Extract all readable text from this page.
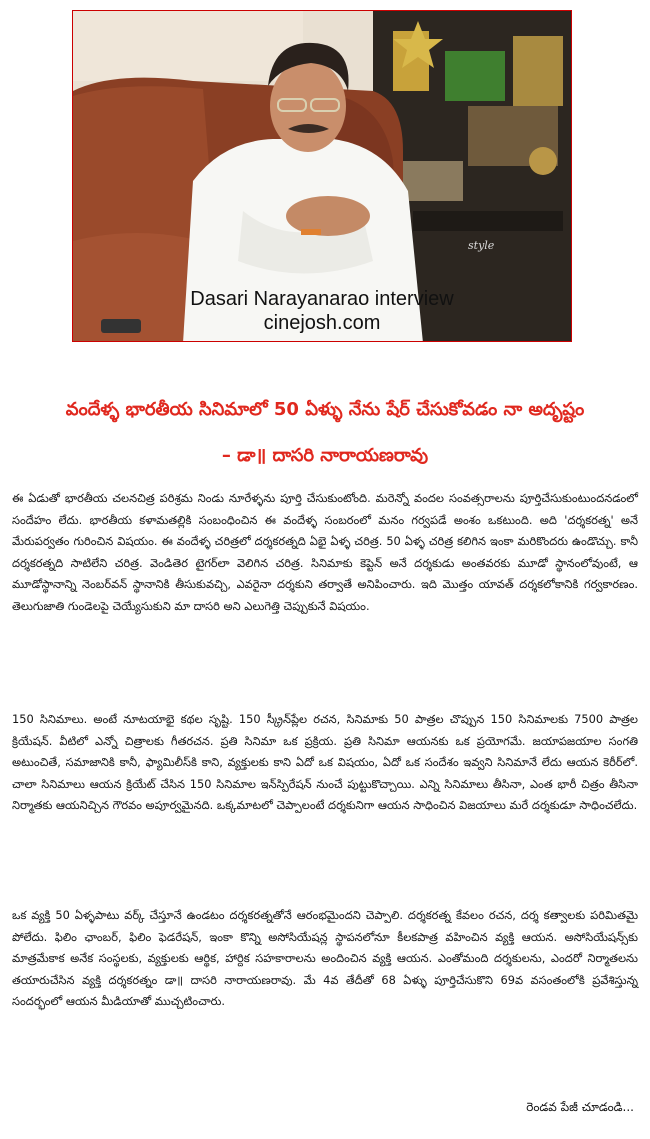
style
Dasari Narayanarao interview
cinejosh.com
వందేళ్ళ భారతీయ సినిమాలో 50 ఏళ్ళు నేను షేర్ చేసుకోవడం నా అదృష్టం
– డా॥ దాసరి నారాయణరావు

ఈ ఏడుతో భారతీయ చలనచిత్ర పరిశ్రమ నిండు నూరేళ్ళను పూర్తి చేసుకుంటోంది. మరెన్నో వందల సంవత్సరాలను పూర్తిచేసుకుంటుందనడంలో సందేహం లేదు. భారతీయ కళామతల్లికి సంబంధించిన ఈ వందేళ్ళ సంబరంలో మనం గర్వపడే అంశం ఒకటుంది. అది 'దర్శకరత్న' అనే మేరుపర్వతం గురించిన విషయం. ఈ వందేళ్ళ చరిత్రలో దర్శకరత్నది ఏభై ఏళ్ళ చరిత్ర. 50 ఏళ్ళ చరిత్ర కలిగిన ఇంకా మరికొందరు ఉండొచ్చు. కానీ దర్శకరత్నది సాటిలేని చరిత్ర. వెండితెర టైగర్‌లా వెలిగిన చరిత్ర. సినిమాకు కెప్టెన్ అనే దర్శకుడు అంతవరకు మూడో స్థానంలోవుంటే, ఆ మూడోస్థానాన్ని నెంబర్‌వన్ స్థానానికి తీసుకువచ్చి, ఎవరైనా దర్శకుని తర్వాతే అనిపించారు. ఇది మొత్తం యావత్ దర్శకలోకానికి గర్వకారణం. తెలుగుజాతి గుండెలపై చెయ్యేసుకుని మా దాసరి అని ఎలుగెత్తి చెప్పుకునే విషయం.

150 సినిమాలు. అంటే నూటయాభై కథల సృష్టి. 150 స్క్రీన్‌ప్లేల రచన, సినిమాకు 50 పాత్రల చొప్పున 150 సినిమాలకు 7500 పాత్రల క్రియేషన్. వీటిలో ఎన్నో చిత్రాలకు గీతరచన. ప్రతి సినిమా ఒక ప్రక్రియ. ప్రతి సినిమా ఆయనకు ఒక ప్రయోగమే. జయాపజయాల సంగతి అటుంచితే, సమాజానికి కానీ, ఫ్యామిలీస్‌కి కాని, వ్యక్తులకు కాని ఏదో ఒక విషయం, ఏదో ఒక సందేశం ఇవ్వని సినిమానే లేదు ఆయన కెరీర్‌లో. చాలా సినిమాలు ఆయన క్రియేట్ చేసిన 150 సినిమాల ఇన్‌స్పిరేషన్ నుంచే పుట్టుకొచ్చాయి. ఎన్ని సినిమాలు తీసినా, ఎంత భారీ చిత్రం తీసినా నిర్మాతకు ఆయనిచ్చిన గౌరవం అపూర్వమైనది. ఒక్కమాటలో చెప్పాలంటే దర్శకునిగా ఆయన సాధించిన విజయాలు మరే దర్శకుడూ సాధించలేదు.

ఒక వ్యక్తి 50 ఏళ్ళపాటు వర్క్ చేస్తూనే ఉండటం దర్శకరత్నతోనే ఆరంభమైందని చెప్పాలి. దర్శకరత్న కేవలం రచన, దర్శ కత్వాలకు పరిమితమై పోలేదు. ఫిలిం ఛాంబర్, ఫిలిం ఫెడరేషన్, ఇంకా కొన్ని అసోసియేషన్ల స్థాపనలోనూ కీలకపాత్ర వహించిన వ్యక్తి ఆయన. అసోసియేషన్స్‌కు మాత్రమేకాక అనేక సంస్థలకు, వ్యక్తులకు ఆర్థిక, హార్దిక సహకారాలను అందించిన వ్యక్తి ఆయన. ఎంతోమంది దర్శకులను, ఎందరో నిర్మాతలను తయారుచేసిన వ్యక్తి దర్శకరత్నం డా॥ దాసరి నారాయణరావు. మే 4వ తేదీతో 68 ఏళ్ళు పూర్తిచేసుకొని 69వ వసంతంలోకి ప్రవేశిస్తున్న సందర్భంలో ఆయన మీడియాతో ముచ్చటించారు.

రెండవ పేజీ చూడండి...
